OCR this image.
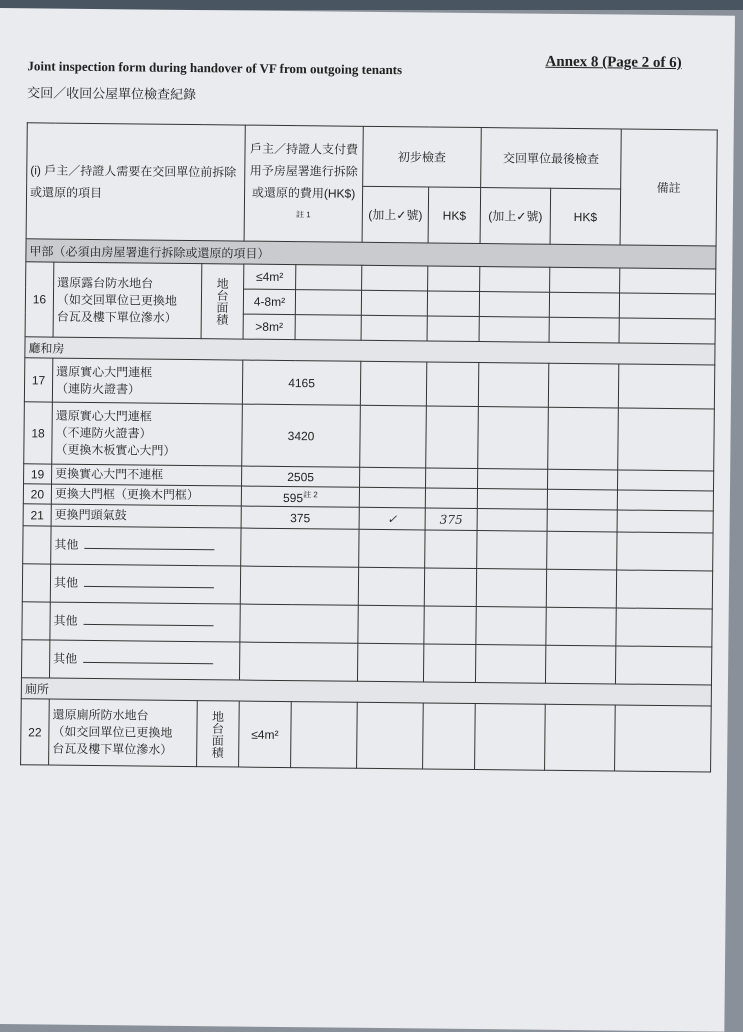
Annex 8 (Page 2 of 6)
Joint inspection form during handover of VF from outgoing tenants
交回／收回公屋單位檢查紀錄
(i) 戶主／持證人需要在交回單位前拆除或還原的項目			戶主／持證人支付費用予房屋署進行拆除或還原的費用(HK$)$^{註 1}$		初步檢查		交回單位最後檢查		備註
					(加上✓號)	HK$	(加上✓號)	HK$	
甲部（必須由房屋署進行拆除或還原的項目）									
16	還原露台防水地台
（如交回單位已更換地
台瓦及樓下單位滲水）	地台面積	≤4m²						
			4-8m²						
			>8m²						
廳和房									
17	還原實心大門連框
（連防火證書）		4165						
18	還原實心大門連框
（不連防火證書）
（更換木板實心大門）		3420						
19	更換實心大門不連框		2505						
20	更換大門框（更換木門框）		595$^{註 2}$					
21	更換門頭氣鼓		375		✓	375			
	其他								
	其他								
	其他								
	其他								
廁所									
22	還原廁所防水地台
（如交回單位已更換地
台瓦及樓下單位滲水）	地台面積	≤4m²						
